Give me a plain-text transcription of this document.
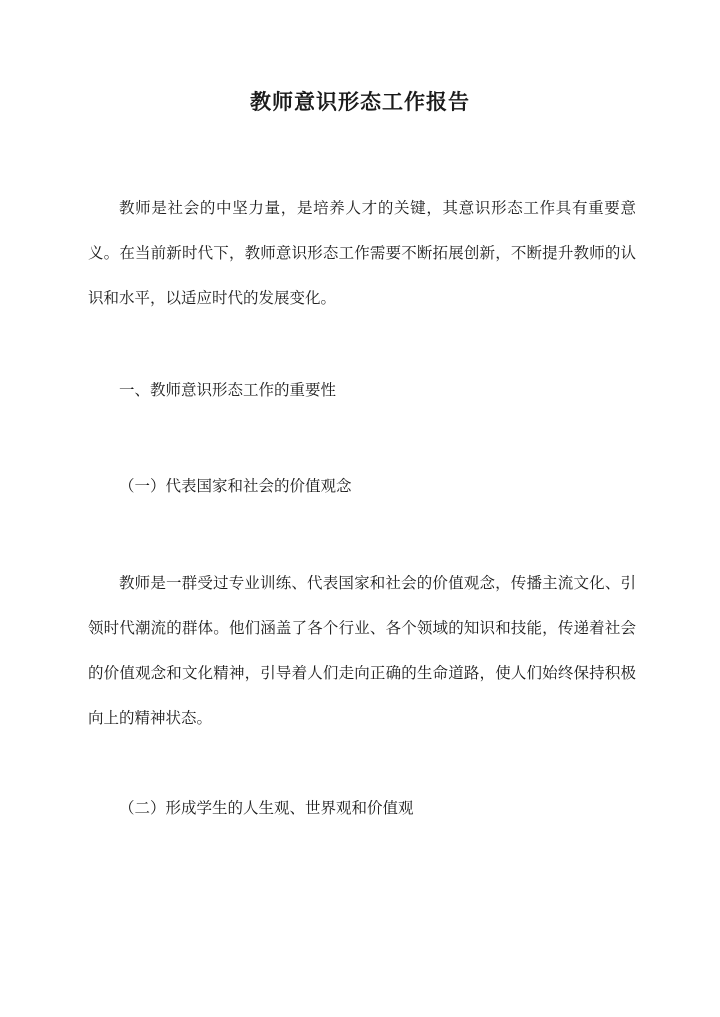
教师意识形态工作报告

教师是社会的中坚力量，是培养人才的关键，其意识形态工作具有重要意义。在当前新时代下，教师意识形态工作需要不断拓展创新，不断提升教师的认识和水平，以适应时代的发展变化。

一、教师意识形态工作的重要性

（一）代表国家和社会的价值观念

教师是一群受过专业训练、代表国家和社会的价值观念，传播主流文化、引领时代潮流的群体。他们涵盖了各个行业、各个领域的知识和技能，传递着社会的价值观念和文化精神，引导着人们走向正确的生命道路，使人们始终保持积极向上的精神状态。

（二）形成学生的人生观、世界观和价值观
